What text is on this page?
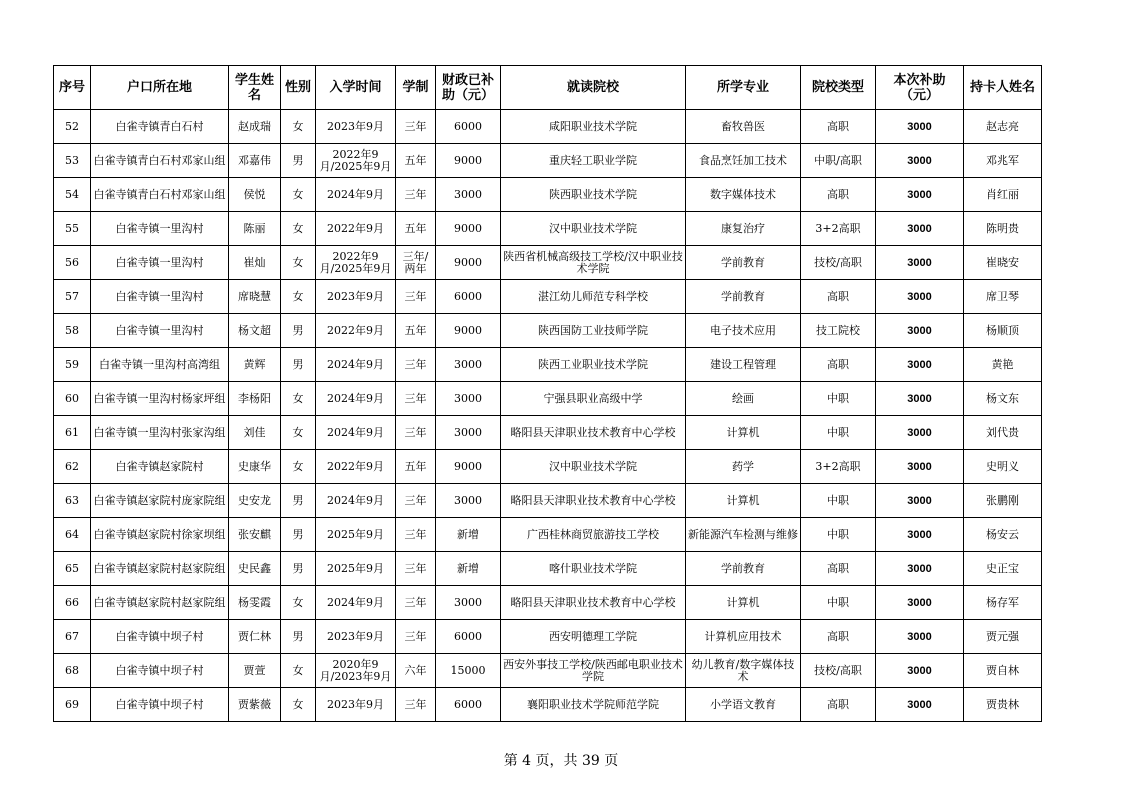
序号	户口所在地	学生姓名	性别	入学时间	学制	财政已补助（元）	就读院校	所学专业	院校类型	本次补助（元）	持卡人姓名
52	白雀寺镇青白石村	赵成瑞	女	2023年9月	三年	6000	咸阳职业技术学院	畜牧兽医	高职	3000	赵志亮
53	白雀寺镇青白石村邓家山组	邓嘉伟	男	2022年9月/2025年9月	五年	9000	重庆轻工职业学院	食品烹饪加工技术	中职/高职	3000	邓兆军
54	白雀寺镇青白石村邓家山组	侯悦	女	2024年9月	三年	3000	陕西职业技术学院	数字媒体技术	高职	3000	肖红丽
55	白雀寺镇一里沟村	陈丽	女	2022年9月	五年	9000	汉中职业技术学院	康复治疗	3+2高职	3000	陈明贵
56	白雀寺镇一里沟村	崔灿	女	2022年9月/2025年9月	三年/两年	9000	陕西省机械高级技工学校/汉中职业技术学院	学前教育	技校/高职	3000	崔晓安
57	白雀寺镇一里沟村	席晓慧	女	2023年9月	三年	6000	湛江幼儿师范专科学校	学前教育	高职	3000	席卫琴
58	白雀寺镇一里沟村	杨文超	男	2022年9月	五年	9000	陕西国防工业技师学院	电子技术应用	技工院校	3000	杨顺顶
59	白雀寺镇一里沟村高湾组	黄辉	男	2024年9月	三年	3000	陕西工业职业技术学院	建设工程管理	高职	3000	黄艳
60	白雀寺镇一里沟村杨家坪组	李杨阳	女	2024年9月	三年	3000	宁强县职业高级中学	绘画	中职	3000	杨文东
61	白雀寺镇一里沟村张家沟组	刘佳	女	2024年9月	三年	3000	略阳县天津职业技术教育中心学校	计算机	中职	3000	刘代贵
62	白雀寺镇赵家院村	史康华	女	2022年9月	五年	9000	汉中职业技术学院	药学	3+2高职	3000	史明义
63	白雀寺镇赵家院村庞家院组	史安龙	男	2024年9月	三年	3000	略阳县天津职业技术教育中心学校	计算机	中职	3000	张鹏刚
64	白雀寺镇赵家院村徐家坝组	张安麒	男	2025年9月	三年	新增	广西桂林商贸旅游技工学校	新能源汽车检测与维修	中职	3000	杨安云
65	白雀寺镇赵家院村赵家院组	史民鑫	男	2025年9月	三年	新增	喀什职业技术学院	学前教育	高职	3000	史正宝
66	白雀寺镇赵家院村赵家院组	杨雯霞	女	2024年9月	三年	3000	略阳县天津职业技术教育中心学校	计算机	中职	3000	杨存军
67	白雀寺镇中坝子村	贾仁林	男	2023年9月	三年	6000	西安明德理工学院	计算机应用技术	高职	3000	贾元强
68	白雀寺镇中坝子村	贾萱	女	2020年9月/2023年9月	六年	15000	西安外事技工学校/陕西邮电职业技术学院	幼儿教育/数字媒体技术	技校/高职	3000	贾自林
69	白雀寺镇中坝子村	贾紫薇	女	2023年9月	三年	6000	襄阳职业技术学院师范学院	小学语文教育	高职	3000	贾贵林
第 4 页，共 39 页
